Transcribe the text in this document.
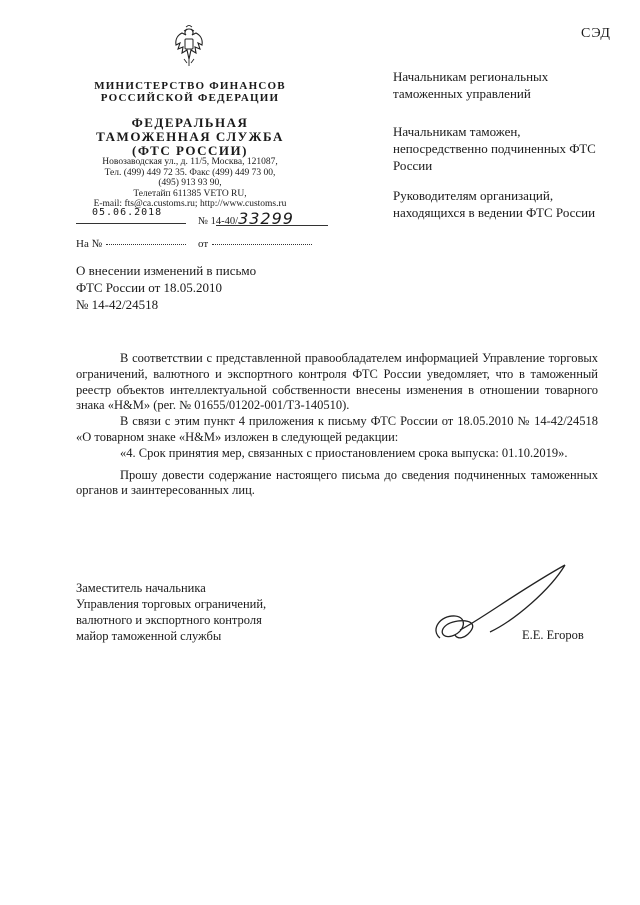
СЭД
МИНИСТЕРСТВО ФИНАНСОВ
РОССИЙСКОЙ ФЕДЕРАЦИИ
ФЕДЕРАЛЬНАЯ
ТАМОЖЕННАЯ СЛУЖБА
(ФТС РОССИИ)
Новозаводская ул., д. 11/5, Москва, 121087,
Тел. (499) 449 72 35. Факс (499) 449 73 00,
(495) 913 93 90,
Телетайп 611385 VETO RU,
E-mail: fts@ca.customs.ru; http://www.customs.ru
05.06.2018
№ 14-40/33299
На №	от
Начальникам региональных таможенных управлений
Начальникам таможен, непосредственно подчиненных ФТС России
Руководителям организаций, находящихся в ведении ФТС России
О внесении изменений в письмо
ФТС России от 18.05.2010
№ 14-42/24518

В соответствии с представленной правообладателем информацией Управление торговых ограничений, валютного и экспортного контроля ФТС России уведомляет, что в таможенный реестр объектов интеллектуальной собственности внесены изменения в отношении товарного знака «H&M» (рег. № 01655/01202-001/ТЗ-140510).

В связи с этим пункт 4 приложения к письму ФТС России от 18.05.2010 № 14-42/24518 «О товарном знаке «H&M» изложен в следующей редакции:

«4. Срок принятия мер, связанных с приостановлением срока выпуска: 01.10.2019».

Прошу довести содержание настоящего письма до сведения подчиненных таможенных органов и заинтересованных лиц.

Заместитель начальника
Управления торговых ограничений,
валютного и экспортного контроля
майор таможенной службы	Е.Е. Егоров
